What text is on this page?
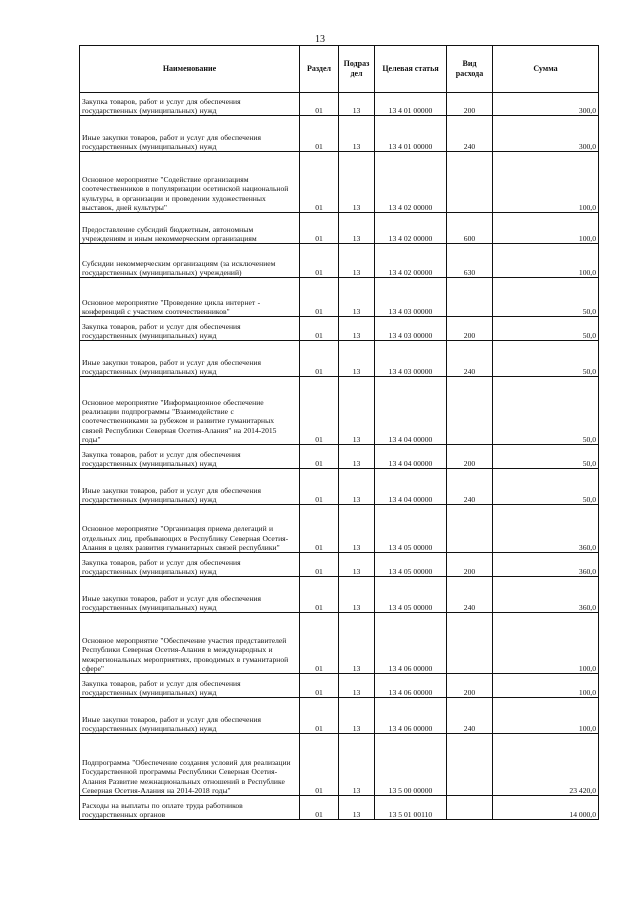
13
Наименование	Раздел	Подраз дел	Целевая статья	Вид расхода	Сумма
Закупка товаров, работ и услуг для обеспечения государственных (муниципальных) нужд	01	13	13 4 01 00000	200	300,0
Иные закупки товаров, работ и услуг для обеспечения государственных (муниципальных) нужд	01	13	13 4 01 00000	240	300,0
Основное мероприятие "Содействие организациям соотечественников в популяризации осетинской национальной культуры, в организации и проведении художественных выставок, дней культуры"	01	13	13 4 02 00000		100,0
Предоставление субсидий бюджетным, автономным учреждениям и иным некоммерческим организациям	01	13	13 4 02 00000	600	100,0
Субсидии некоммерческим организациям (за исключением государственных (муниципальных) учреждений)	01	13	13 4 02 00000	630	100,0
Основное мероприятие "Проведение цикла интернет - конференций с участием соотечественников"	01	13	13 4 03 00000		50,0
Закупка товаров, работ и услуг для обеспечения государственных (муниципальных) нужд	01	13	13 4 03 00000	200	50,0
Иные закупки товаров, работ и услуг для обеспечения государственных (муниципальных) нужд	01	13	13 4 03 00000	240	50,0
Основное мероприятие "Информационное обеспечение реализации подпрограммы "Взаимодействие с соотечественниками за рубежом и развитие гуманитарных связей Республики Северная Осетия-Алания" на 2014-2015 годы"	01	13	13 4 04 00000		50,0
Закупка товаров, работ и услуг для обеспечения государственных (муниципальных) нужд	01	13	13 4 04 00000	200	50,0
Иные закупки товаров, работ и услуг для обеспечения государственных (муниципальных) нужд	01	13	13 4 04 00000	240	50,0
Основное мероприятие "Организация приема делегаций и отдельных лиц, пребывающих в Республику Северная Осетия-Алания в целях развития гуманитарных связей республики"	01	13	13 4 05 00000		360,0
Закупка товаров, работ и услуг для обеспечения государственных (муниципальных) нужд	01	13	13 4 05 00000	200	360,0
Иные закупки товаров, работ и услуг для обеспечения государственных (муниципальных) нужд	01	13	13 4 05 00000	240	360,0
Основное мероприятие "Обеспечение участия представителей Республики Северная Осетия-Алания в международных и межрегиональных мероприятиях, проводимых в гуманитарной сфере"	01	13	13 4 06 00000		100,0
Закупка товаров, работ и услуг для обеспечения государственных (муниципальных) нужд	01	13	13 4 06 00000	200	100,0
Иные закупки товаров, работ и услуг для обеспечения государственных (муниципальных) нужд	01	13	13 4 06 00000	240	100,0
Подпрограмма "Обеспечение создания условий для реализации Государственной программы Республики Северная Осетия-Алания Развитие межнациональных отношений в Республике Северная Осетия-Алания на 2014-2018 годы"	01	13	13 5 00 00000		23 420,0
Расходы на выплаты по оплате труда работников государственных органов	01	13	13 5 01 00110		14 000,0
